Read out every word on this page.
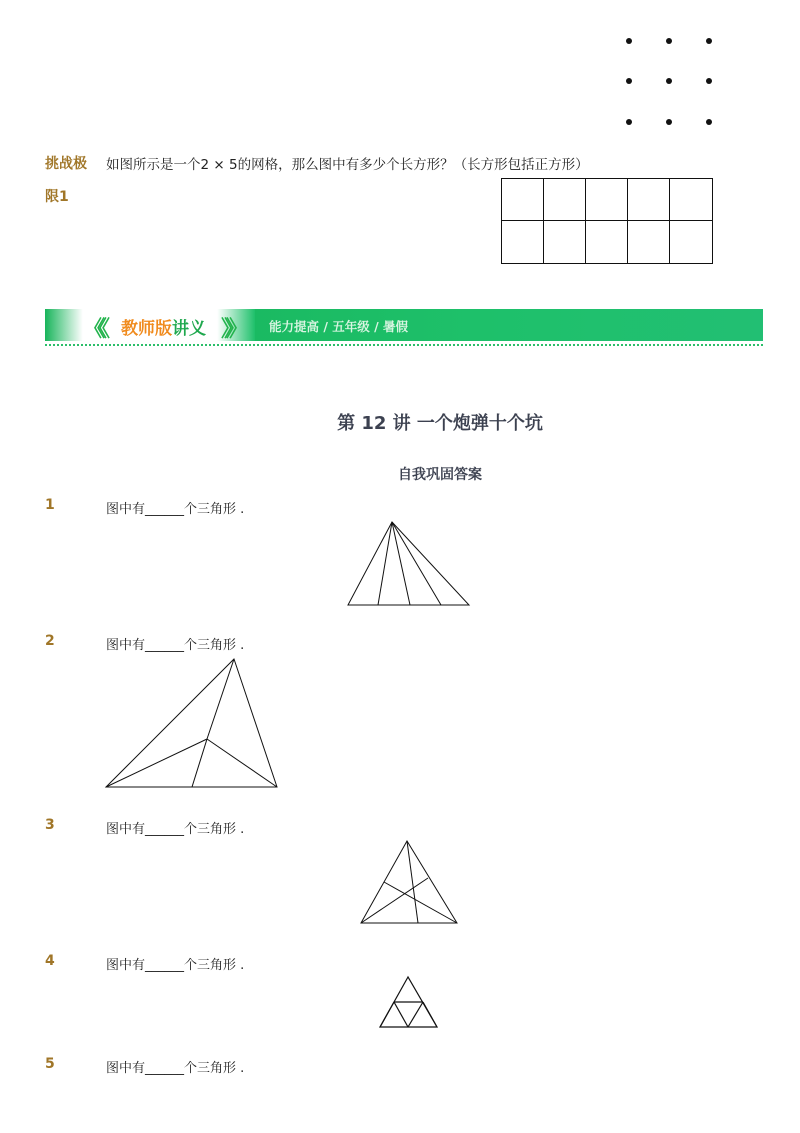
挑战极
限1
如图所示是一个2 × 5的网格，那么图中有多少个长方形？（长方形包括正方形）
《《 教师版讲义 》》 能力提高 / 五年级 / 暑假
第 12 讲 一个炮弹十个坑
自我巩固答案
1	图中有______个三角形 .
2	图中有______个三角形 .
3	图中有______个三角形 .
4	图中有______个三角形 .
5	图中有______个三角形 .
